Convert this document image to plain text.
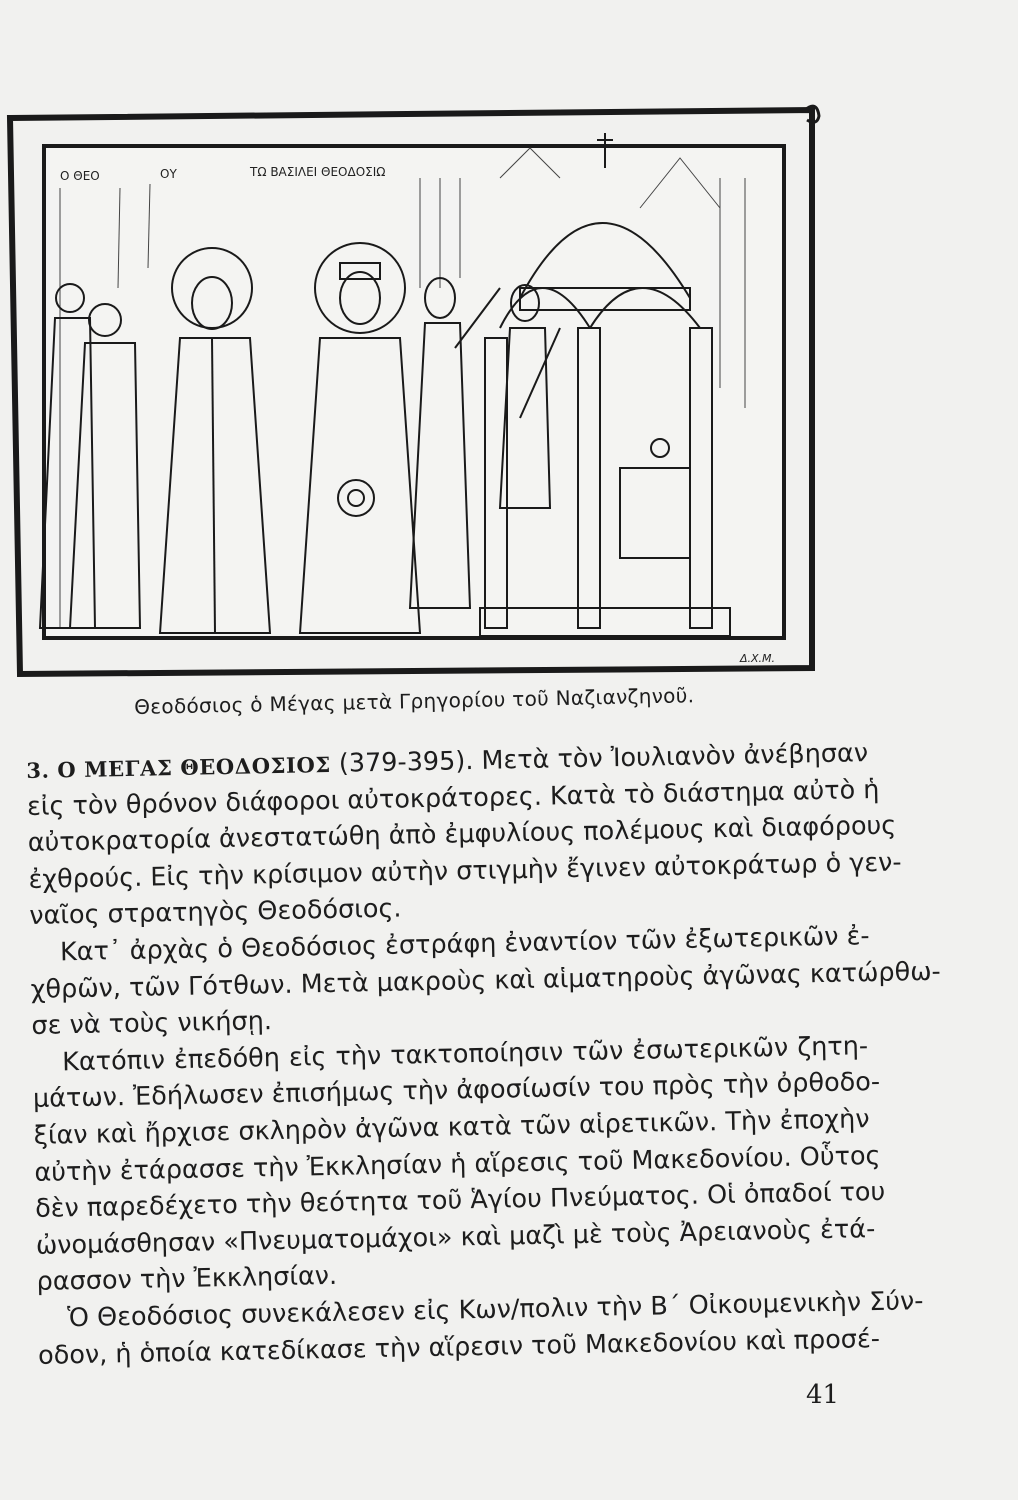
Ο ΘΕΟ	ΟΥ	ΤΩ ΒΑΣΙΛΕΙ ΘΕΟΔΟΣΙΩ
Δ.Χ.Μ.
Θεοδόσιος ὁ Μέγας μετὰ Γρηγορίου τοῦ Ναζιανζηνοῦ.
3. Ο ΜΕΓΑΣ ΘΕΟΔΟΣΙΟΣ (379-395). Μετὰ τὸν Ἰουλιανὸν ἀνέβησαν
εἰς τὸν θρόνον διάφοροι αὐτοκράτορες. Κατὰ τὸ διάστημα αὐτὸ ἡ
αὐτοκρατορία ἀνεστατώθη ἀπὸ ἐμφυλίους πολέμους καὶ διαφόρους
ἐχθρούς. Εἰς τὴν κρίσιμον αὐτὴν στιγμὴν ἔγινεν αὐτοκράτωρ ὁ γεν-
ναῖος στρατηγὸς Θεοδόσιος.
Κατ᾽ ἀρχὰς ὁ Θεοδόσιος ἐστράφη ἐναντίον τῶν ἐξωτερικῶν ἐ-
χθρῶν, τῶν Γότθων. Μετὰ μακροὺς καὶ αἱματηροὺς ἀγῶνας κατώρθω-
σε νὰ τοὺς νικήσῃ.
Κατόπιν ἐπεδόθη εἰς τὴν τακτοποίησιν τῶν ἐσωτερικῶν ζητη-
μάτων. Ἐδήλωσεν ἐπισήμως τὴν ἀφοσίωσίν του πρὸς τὴν ὀρθοδο-
ξίαν καὶ ἤρχισε σκληρὸν ἀγῶνα κατὰ τῶν αἱρετικῶν. Τὴν ἐποχὴν
αὐτὴν ἐτάρασσε τὴν Ἐκκλησίαν ἡ αἵρεσις τοῦ Μακεδονίου. Οὗτος
δὲν παρεδέχετο τὴν θεότητα τοῦ Ἁγίου Πνεύματος. Οἱ ὀπαδοί του
ὠνομάσθησαν «Πνευματομάχοι» καὶ μαζὶ μὲ τοὺς Ἀρειανοὺς ἐτά-
ρασσον τὴν Ἐκκλησίαν.
Ὁ Θεοδόσιος συνεκάλεσεν εἰς Κων/πολιν τὴν Β΄ Οἰκουμενικὴν Σύν-
οδον, ἡ ὁποία κατεδίκασε τὴν αἵρεσιν τοῦ Μακεδονίου καὶ προσέ-
41
